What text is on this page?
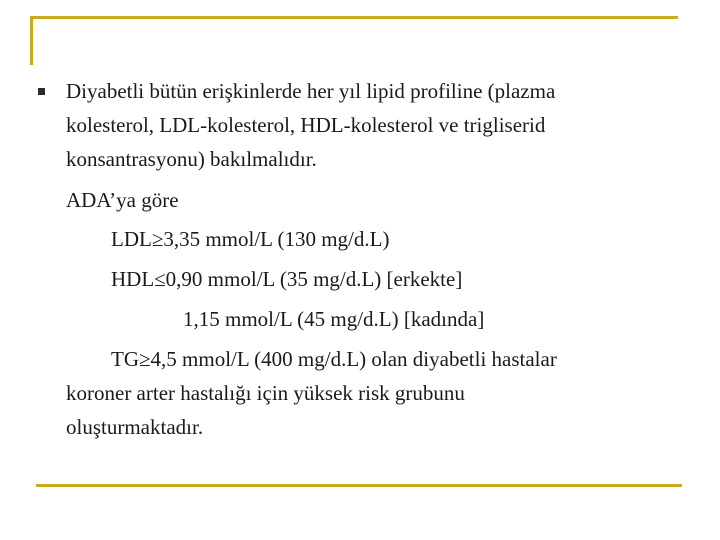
Diyabetli bütün erişkinlerde her yıl lipid profiline (plazma
kolesterol, LDL-kolesterol, HDL-kolesterol ve trigliserid
konsantrasyonu) bakılmalıdır.
ADA’ya göre
LDL≥3,35 mmol/L (130 mg/d.L)
HDL≤0,90 mmol/L (35 mg/d.L) [erkekte]
1,15 mmol/L (45 mg/d.L) [kadında]
TG≥4,5 mmol/L (400 mg/d.L) olan diyabetli hastalar
koroner arter hastalığı için yüksek risk grubunu
oluşturmaktadır.
